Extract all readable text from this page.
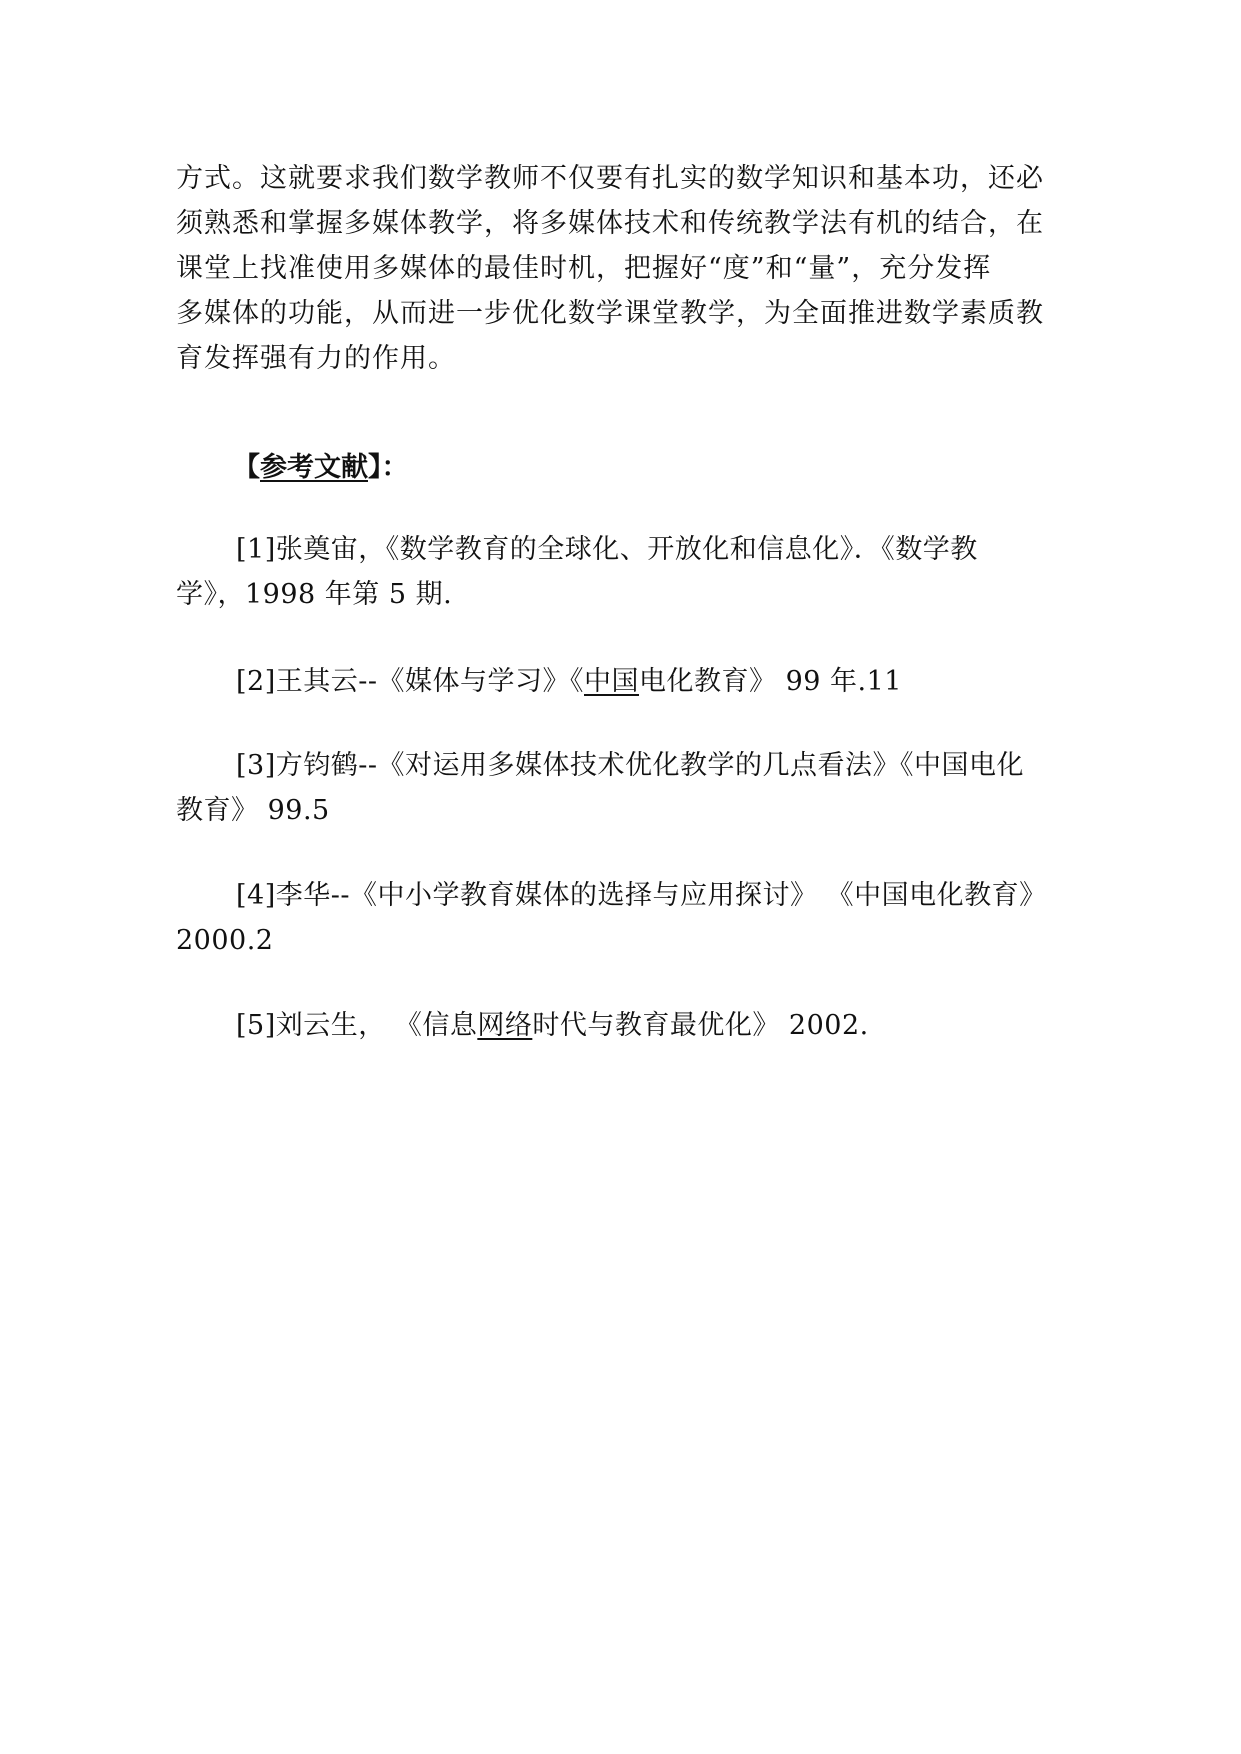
方式。这就要求我们数学教师不仅要有扎实的数学知识和基本功，还必
须熟悉和掌握多媒体教学，将多媒体技术和传统教学法有机的结合，在
课堂上找准使用多媒体的最佳时机，把握好“度”和“量”，充分发挥
多媒体的功能，从而进一步优化数学课堂教学，为全面推进数学素质教
育发挥强有力的作用。

【参考文献】：

[1]张奠宙，《数学教育的全球化、开放化和信息化》．《数学教
学》，1998 年第 5 期.

[2]王其云--《媒体与学习》《中国电化教育》 99 年.11

[3]方钧鹤--《对运用多媒体技术优化教学的几点看法》《中国电化
教育》 99.5

[4]李华--《中小学教育媒体的选择与应用探讨》 《中国电化教育》
2000.2

[5]刘云生， 《信息网络时代与教育最优化》 2002.
